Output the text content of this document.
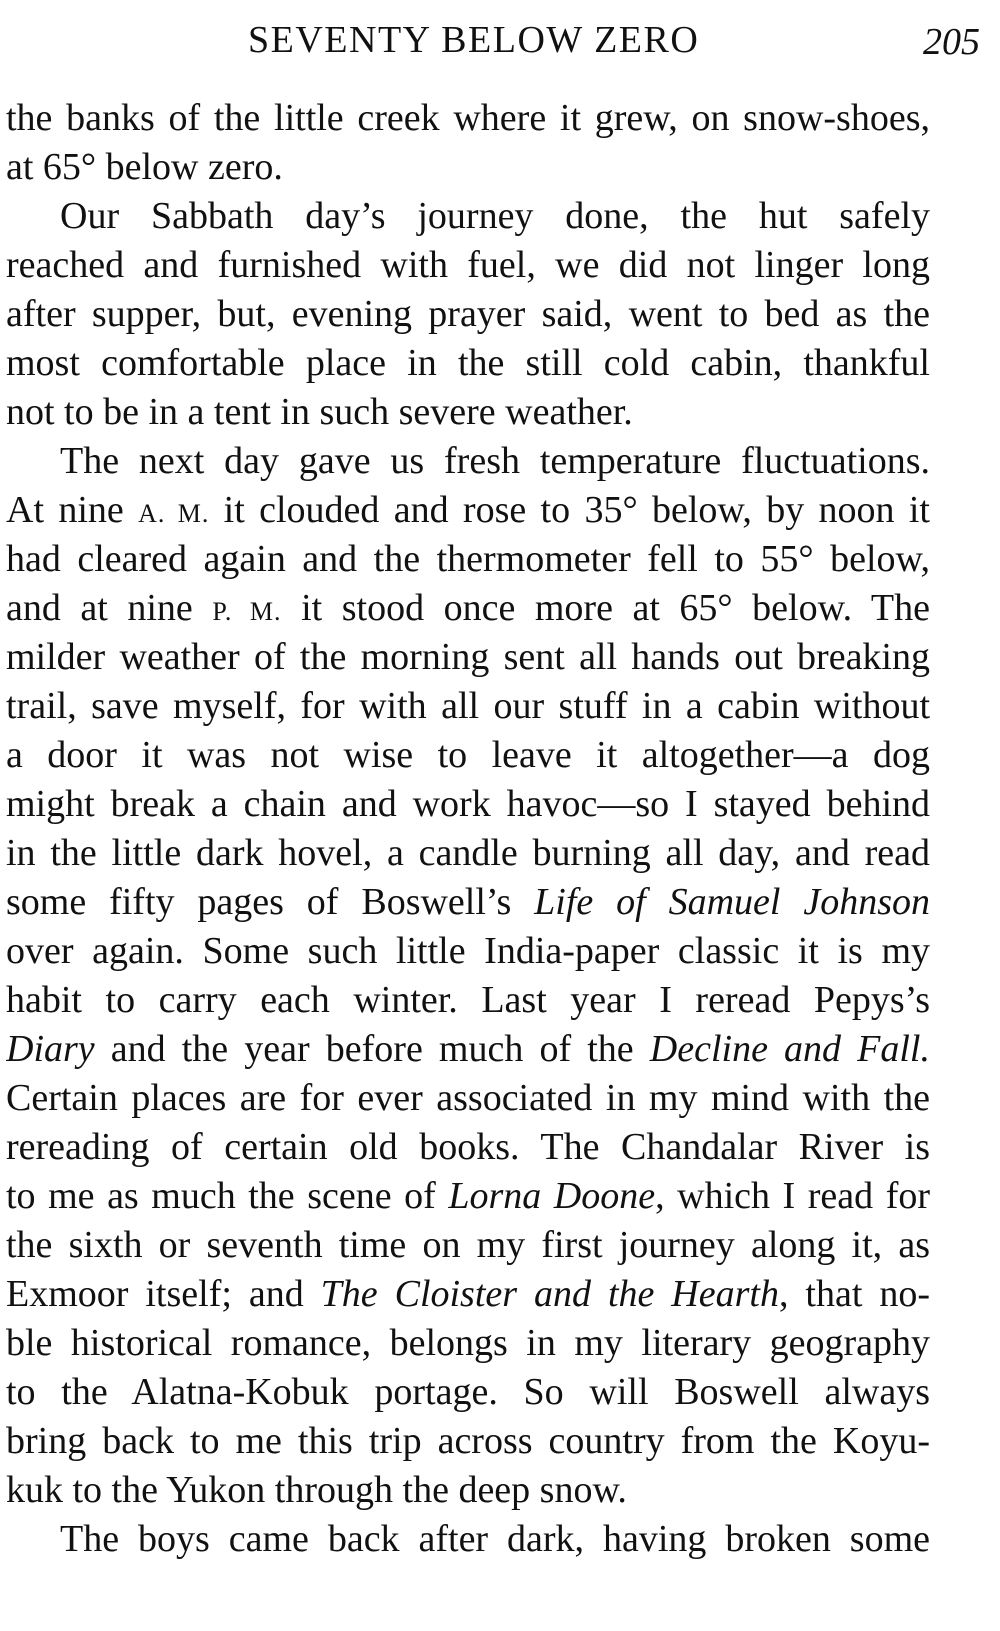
SEVENTY BELOW ZERO	205
the banks of the little creek where it grew, on snow-shoes,
at 65° below zero.
Our Sabbath day’s journey done, the hut safely
reached and furnished with fuel, we did not linger long
after supper, but, evening prayer said, went to bed as the
most comfortable place in the still cold cabin, thankful
not to be in a tent in such severe weather.
The next day gave us fresh temperature fluctuations.
At nine A. M. it clouded and rose to 35° below, by noon it
had cleared again and the thermometer fell to 55° below,
and at nine P. M. it stood once more at 65° below. The
milder weather of the morning sent all hands out breaking
trail, save myself, for with all our stuff in a cabin without
a door it was not wise to leave it altogether—a dog
might break a chain and work havoc—so I stayed behind
in the little dark hovel, a candle burning all day, and read
some fifty pages of Boswell’s Life of Samuel Johnson
over again. Some such little India-paper classic it is my
habit to carry each winter. Last year I reread Pepys’s
Diary and the year before much of the Decline and Fall.
Certain places are for ever associated in my mind with the
rereading of certain old books. The Chandalar River is
to me as much the scene of Lorna Doone, which I read for
the sixth or seventh time on my first journey along it, as
Exmoor itself; and The Cloister and the Hearth, that no-
ble historical romance, belongs in my literary geography
to the Alatna-Kobuk portage. So will Boswell always
bring back to me this trip across country from the Koyu-
kuk to the Yukon through the deep snow.
The boys came back after dark, having broken some
